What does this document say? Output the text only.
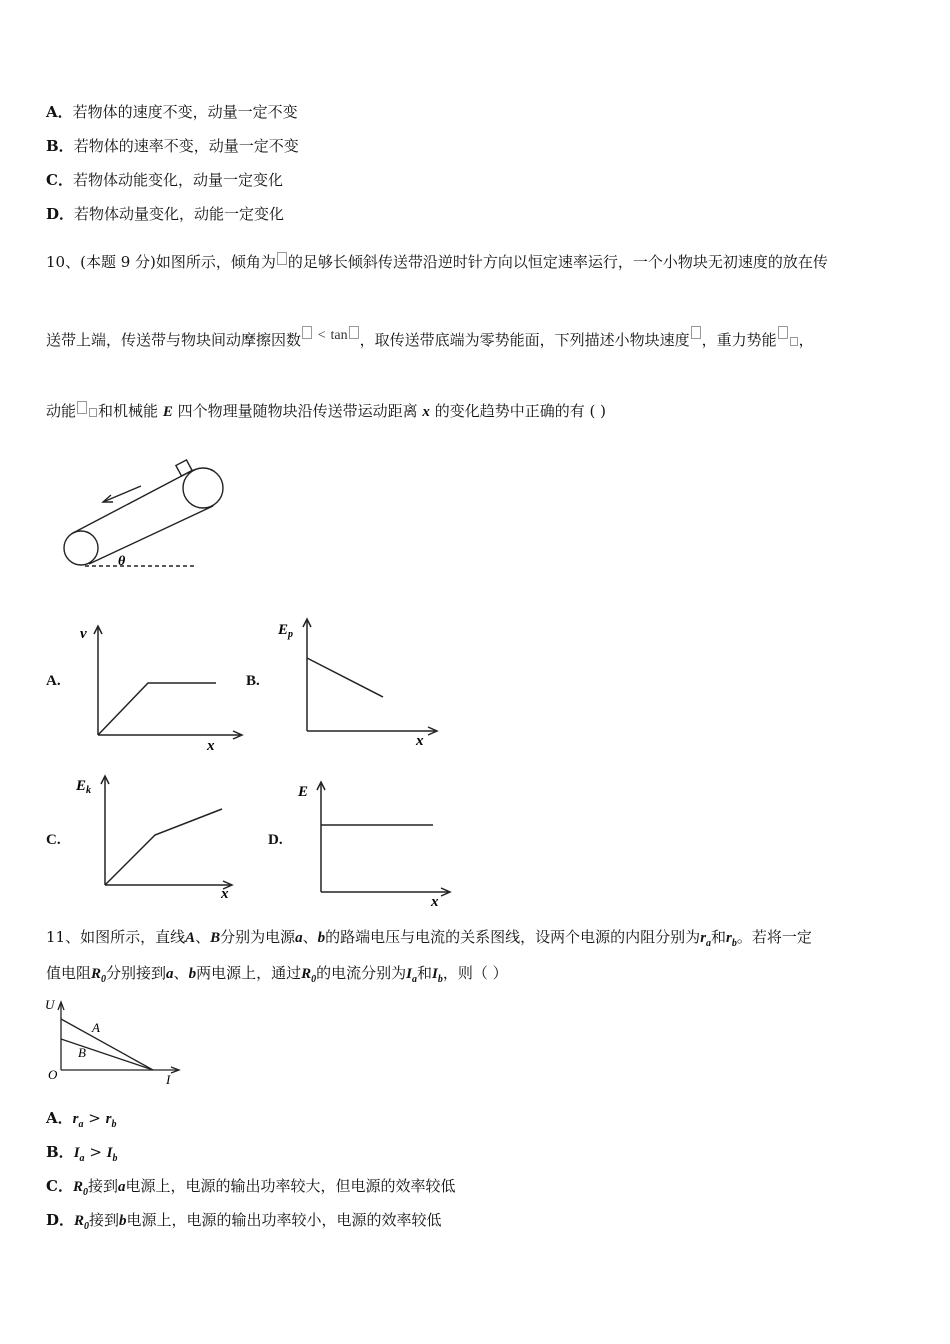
A．若物体的速度不变，动量一定不变
B．若物体的速率不变，动量一定不变
C．若物体动能变化，动量一定变化
D．若物体动量变化，动能一定变化
10、(本题 9 分)如图所示，倾角为 的足够长倾斜传送带沿逆时针方向以恒定速率运行，一个小物块无初速度的放在传
送带上端，传送带与物块间动摩擦因数 < tan ，取传送带底端为零势能面，下列描述小物块速度 ，重力势能 ，
动能 和机械能 E 四个物理量随物块沿传送带运动距离 x 的变化趋势中正确的有 ( )
θ
A.
v
x
B.
$E_p$
x
C.
$E_k$
x
D.
E
x
11、如图所示，直线A、B分别为电源a、b的路端电压与电流的关系图线，设两个电源的内阻分别为$r_a$和$r_b$。若将一定
值电阻$R_0$分别接到a、b两电源上，通过$R_0$的电流分别为$I_a$和$I_b$，则（ ）
U
O	I
A
B
A．$r_a > r_b$
B．$I_a > I_b$
C．$R_0$接到a电源上，电源的输出功率较大，但电源的效率较低
D．$R_0$接到b电源上，电源的输出功率较小，电源的效率较低
